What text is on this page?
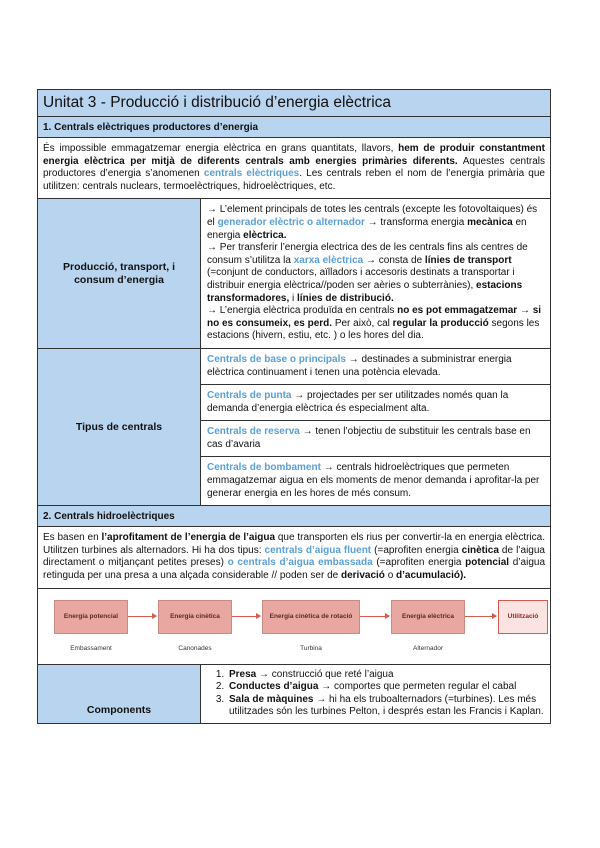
Unitat 3 - Producció i distribució d’energia elèctrica
1. Centrals elèctriques productores d’energia
És impossible emmagatzemar energia elèctrica en grans quantitats, llavors, hem de produir constantment energia elèctrica per mitjà de diferents centrals amb energies primàries diferents. Aquestes centrals productores d’energia s’anomenen centrals elèctriques. Les centrals reben el nom de l’energia primària que utilitzen: centrals nuclears, termoelèctriques, hidroelèctriques, etc.
Producció, transport, i consum d’energia
→ L’element principals de totes les centrals (excepte les fotovoltaiques) és el generador elèctric o alternador → transforma energia mecànica en energia elèctrica.
→ Per transferir l’energia electrica des de les centrals fins als centres de consum s’utilitza la xarxa elèctrica → consta de línies de transport (=conjunt de conductors, aïlladors i accesoris destinats a transportar i distribuir energia elèctrica//poden ser aèries o subterrànies), estacions transformadores, i línies de distribució.
→ L’energia elèctrica produïda en centrals no es pot emmagatzemar → si no es consumeix, es perd. Per això, cal regular la producció segons les estacions (hivern, estiu, etc. ) o les hores del dia.
Tipus de centrals
Centrals de base o principals → destinades a subministrar energia elèctrica continuament i tenen una potència elevada.
Centrals de punta → projectades per ser utilitzades només quan la demanda d’energia elèctrica és especialment alta.
Centrals de reserva → tenen l’objectiu de substituir les centrals base en cas d’avaria
Centrals de bombament → centrals hidroelèctriques que permeten emmagatzemar aigua en els moments de menor demanda i aprofitar-la per generar energia en les hores de més consum.
2. Centrals hidroelèctriques
Es basen en l’aprofitament de l’energia de l’aigua que transporten els rius per convertir-la en energia elèctrica. Utilitzen turbines als alternadors. Hi ha dos tipus: centrals d’aigua fluent (=aprofiten energia cinètica de l’aigua directament o mitjançant petites preses) o centrals d’aigua embassada (=aprofiten energia potencial d’aigua retinguda per una presa a una alçada considerable // poden ser de derivació o d’acumulació).
Energia potencial
Embassament
Energia cinètica
Canonades
Energia cinètica de rotació
Turbina
Energia elèctrica
Alternador
Utilització
Components
1. Presa → construcció que reté l’aigua
2. Conductes d’aigua → comportes que permeten regular el cabal
3. Sala de màquines → hi ha els truboalternadors (=turbines). Les més utilitzades són les turbines Pelton, i després estan les Francis i Kaplan.
